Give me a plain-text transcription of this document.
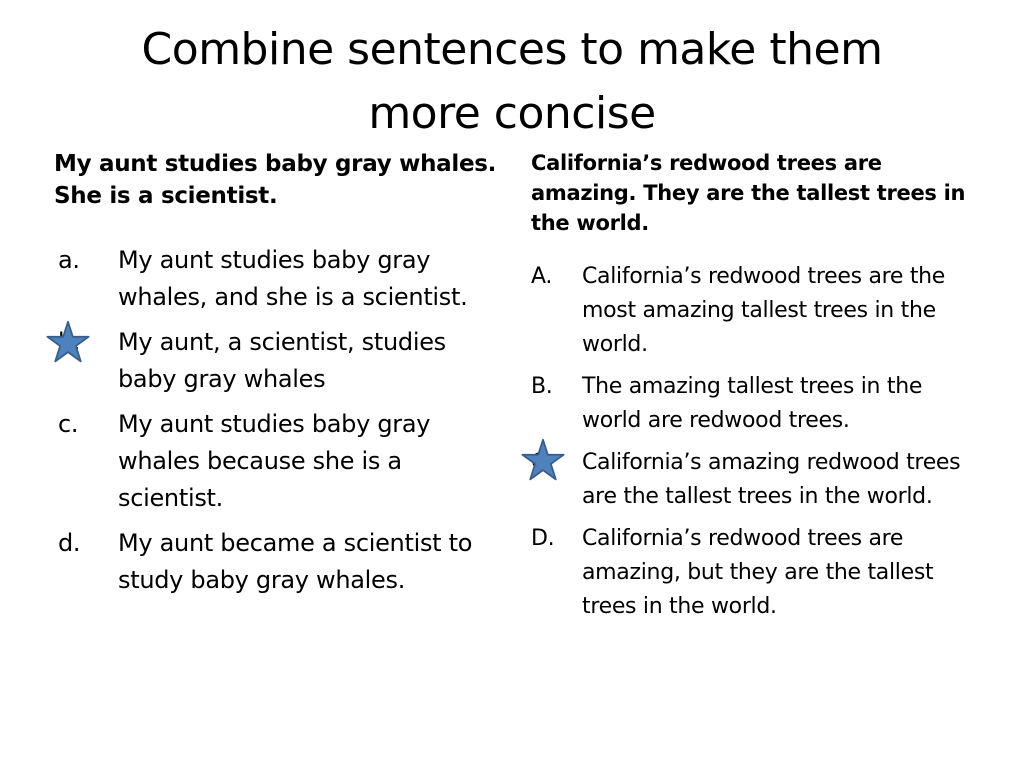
Combine sentences to make them
more concise

My aunt studies baby gray whales. She is a scientist.

a.	My aunt studies baby gray whales, and she is a scientist.
My aunt, a scientist, studies baby gray whales
c.	My aunt studies baby gray whales because she is a scientist.
d.	My aunt became a scientist to study baby gray whales.

California’s redwood trees are amazing. They are the tallest trees in the world.

A.	California’s redwood trees are the most amazing tallest trees in the world.
B.	The amazing tallest trees in the world are redwood trees.
California’s amazing redwood trees are the tallest trees in the world.
D.	California’s redwood trees are amazing, but they are the tallest trees in the world.
